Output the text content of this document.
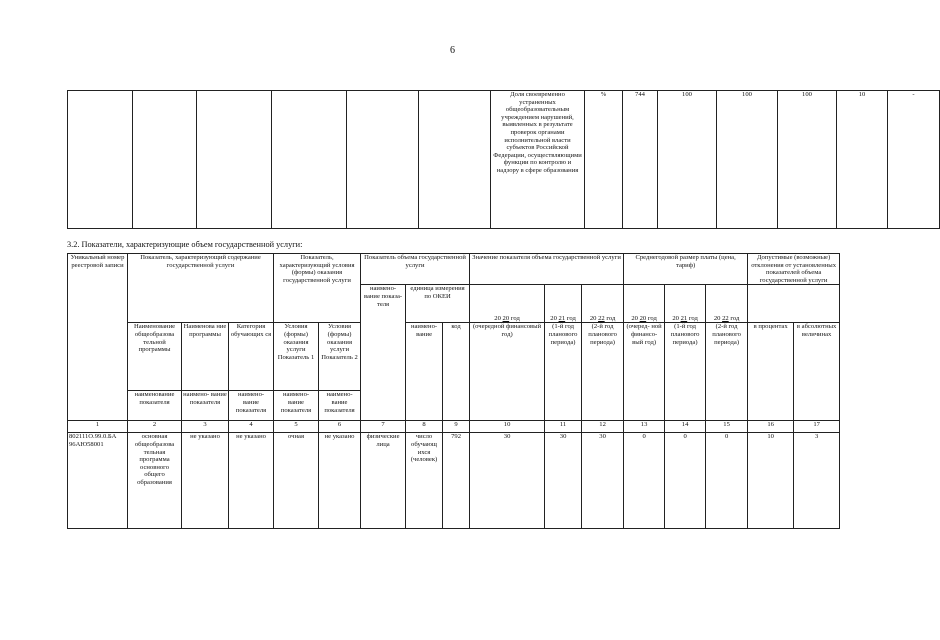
6
						Доля своевременно устраненных общеобразовательным учреждением нарушений, выявленных в результате проверок органами исполнительной власти субъектов Российской Федерации, осуществляющими функции по контролю и надзору в сфере образования	%	744	100	100	100	10	-
3.2. Показатели, характеризующие объем государственной услуги:
Уникальный номер реестровой записи	Показатель, характеризующий содержание государственной услуги			Показатель, характеризующий условия (формы) оказания государственной услуги		Показатель объема государственной услуги			Значение показателя объема государственной услуги			Среднегодовой размер платы (цена, тариф)			Допустимые (возможные) отклонения от установленных показателей объема государственной услуги	
						наимено- вание показа- теля	единица измерения по ОКЕИ		20 20 год	20 21 год	20 22 год	20 20 год	20 21 год	20 22 год		
	Наименование общеобразова тельной программы	Наименова ние программы	Категория обучающих ся	Условия (формы) оказания услуги Показатель 1	Условия (формы) оказания услуги Показатель 2		наимено- вание	код	(очередной финансовый год)	(1-й год планового периода)	(2-й год планового периода)	(очеред- ной финансо- вый год)	(1-й год планового периода)	(2-й год планового периода)	в процентах	в абсолютных величинах
	наименование показателя	наимено- вание показателя	наимено- вание показателя	наимено- вание показателя	наимено- вание показателя											
1	2	3	4	5	6	7	8	9	10	11	12	13	14	15	16	17
802111О.99.0.БА 96АЮ58001	основная общеобразова тельная программа основного общего образования	не указано	не указано	очная	не указано	физические лица	число обучающ ихся (человек)	792	30	30	30	0	0	0	10	3
